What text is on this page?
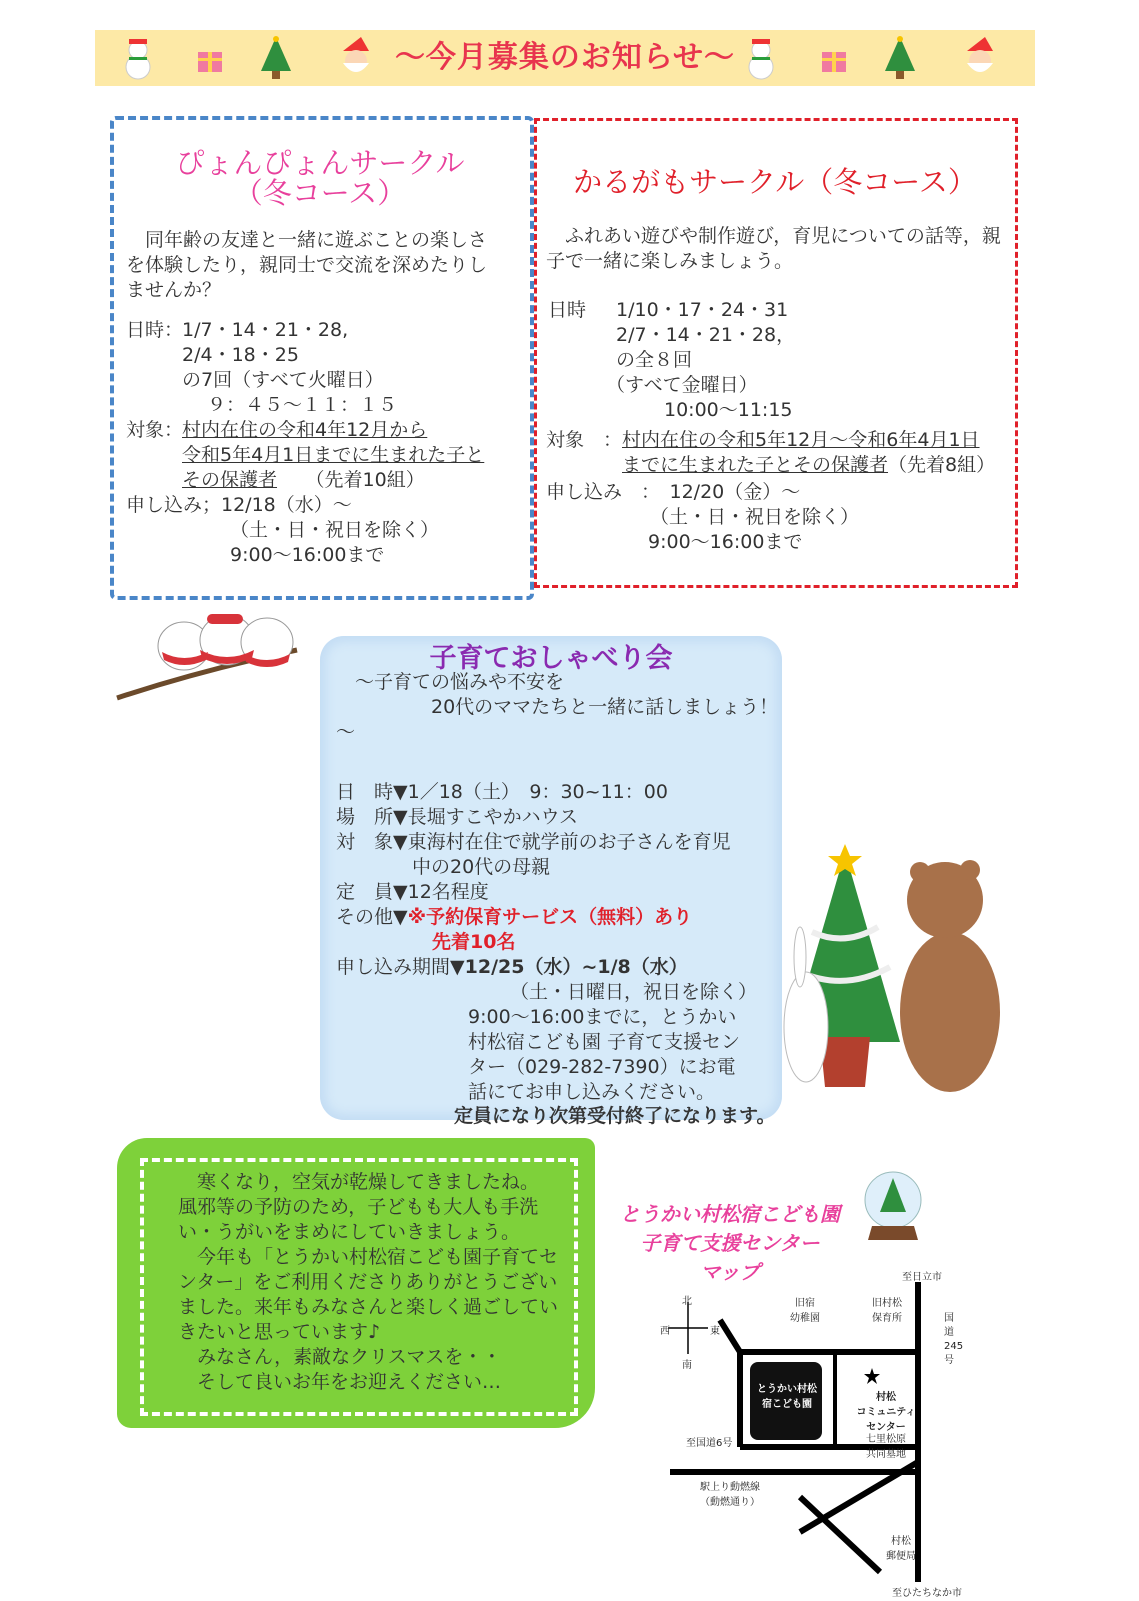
～今月募集のお知らせ～
ぴょんぴょんサークル
（冬コース）
　同年齢の友達と一緒に遊ぶことの楽しさ
を体験したり，親同士で交流を深めたりし
ませんか？
日時：
1/7・14・21・28,
2/4・18・25
の7回（すべて火曜日）
　 ９：４５～１１：１５
対象：
村内在住の令和4年12月から
令和5年4月1日までに生まれた子と
その保護者　　 （先着10組）
申し込み；12/18（水）～
（土・日・祝日を除く）
9:00～16:00まで
かるがもサークル（冬コース）
　ふれあい遊びや制作遊び，育児についての話等，親
子で一緒に楽しみましょう。
日時 1/10・17・24・31
2/7・14・21・28，
の全８回
（すべて金曜日）
10:00～11:15
対象　： 村内在住の令和5年12月～令和6年4月1日
までに生まれた子とその保護者（先着8組）
申し込み　：　12/20（金）～
（土・日・祝日を除く）
9:00～16:00まで
子育ておしゃべり会
　～子育ての悩みや不安を
　　　　　20代のママたちと一緒に話しましょう！
～
日　時▼1／18（土）　9：30~11：00
場　所▼長堀すこやかハウス
対　象▼東海村在住で就学前のお子さんを育児
　　　　中の20代の母親
定　員▼12名程度
その他▼※予約保育サービス（無料）あり
先着10名
申し込み期間▼12/25（水）~1/8（水）
（土・日曜日，祝日を除く）
9:00～16:00までに，とうかい
村松宿こども園 子育て支援セン
ター（029-282-7390）にお電
話にてお申し込みください。
定員になり次第受付終了になります。
　寒くなり，空気が乾燥してきましたね。
風邪等の予防のため，子どもも大人も手洗
い・うがいをまめにしていきましょう。
　今年も「とうかい村松宿こども園子育てセ
ンター」をご利用くださりありがとうござい
ました。来年もみなさんと楽しく過ごしてい
きたいと思っています♪
　みなさん，素敵なクリスマスを・・
　そして良いお年をお迎えください…
とうかい村松宿こども園
子育て支援センター
マップ
北
南
西	東
至日立市
至ひたちなか市
国道245号
至国道6号
旧宿
幼稚園
旧村松
保育所
とうかい村松
宿こども園
村松
コミュニティ
センター
七里松原
共同墓地
駅上り動燃線
（動燃通り）
村松
郵便局
